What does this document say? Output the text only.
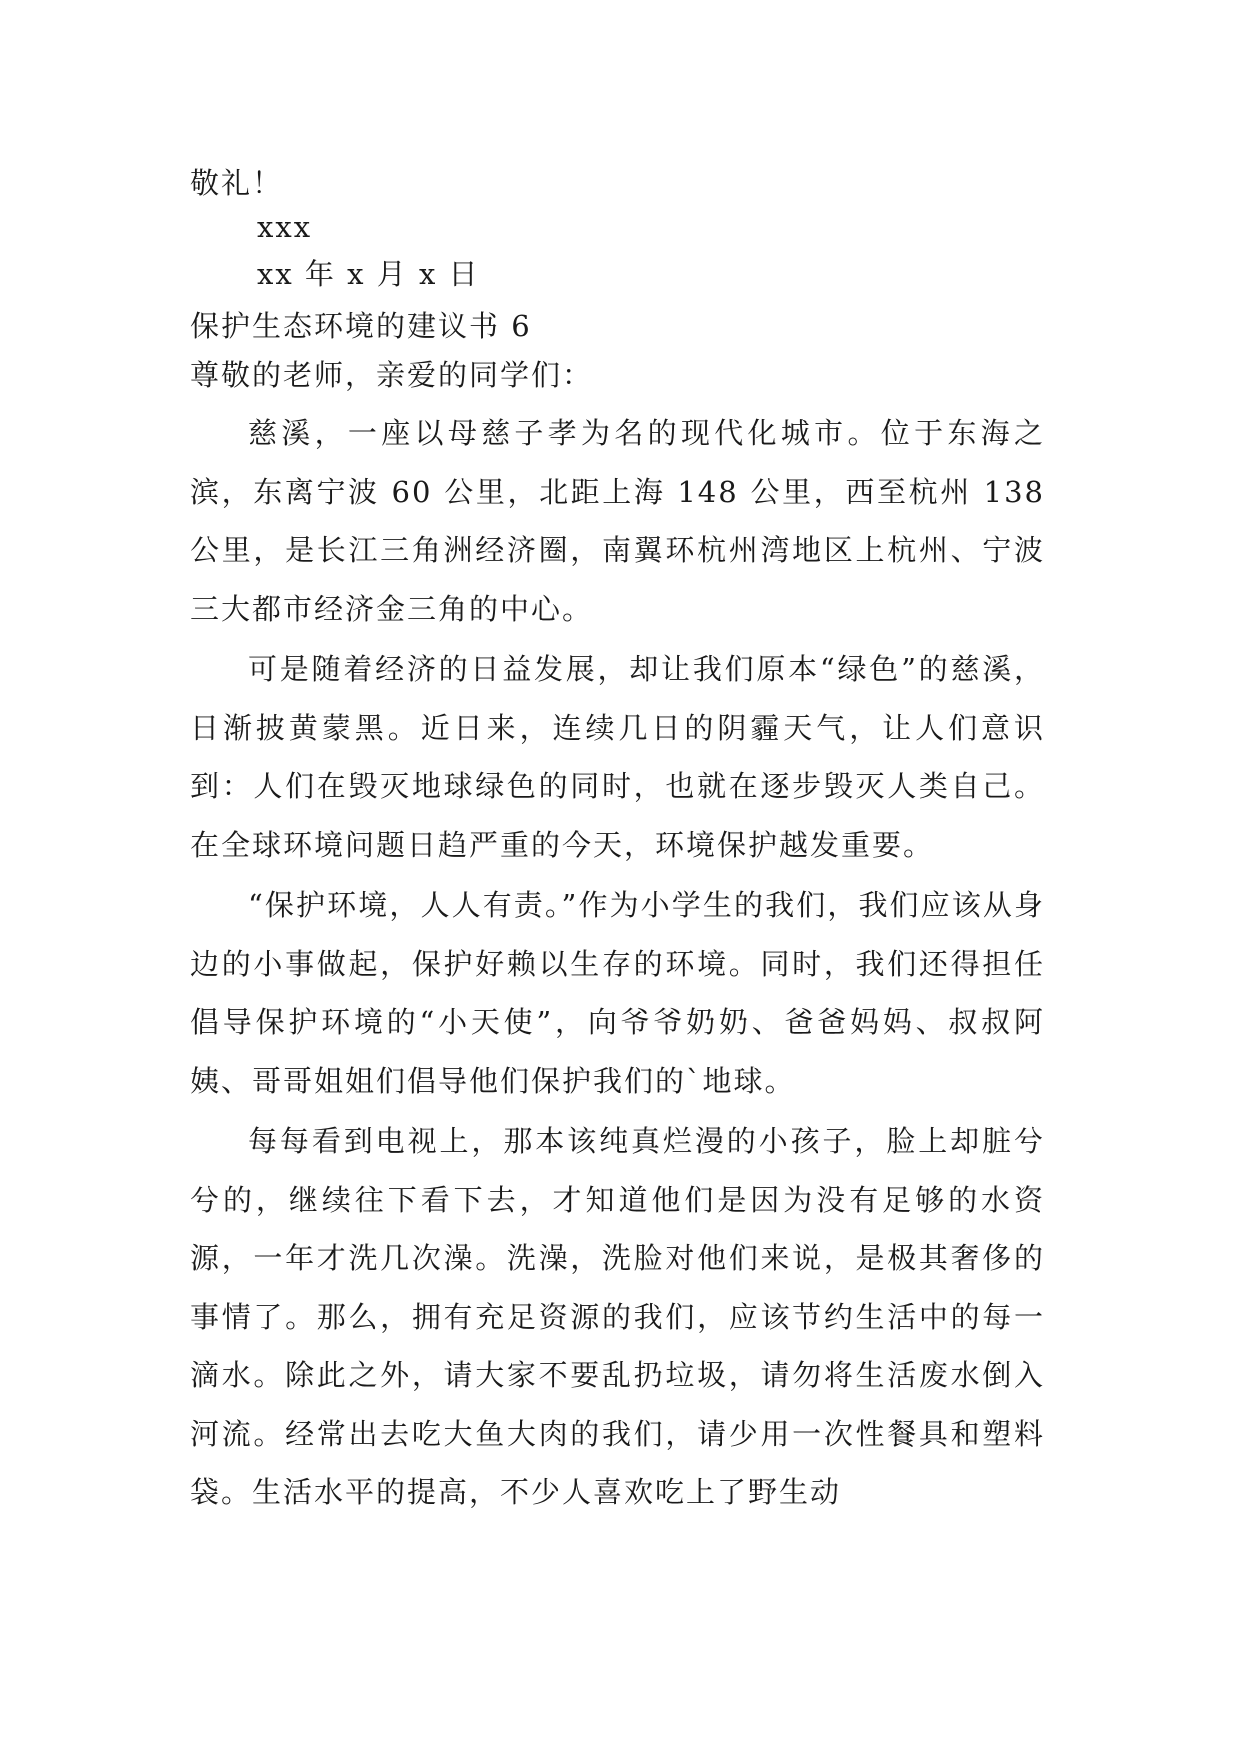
敬礼！
xxx
xx 年 x 月 x 日
保护生态环境的建议书 6
尊敬的老师，亲爱的同学们：

慈溪，一座以母慈子孝为名的现代化城市。位于东海之滨，东离宁波 60 公里，北距上海 148 公里，西至杭州 138 公里，是长江三角洲经济圈，南翼环杭州湾地区上杭州、宁波三大都市经济金三角的中心。

可是随着经济的日益发展，却让我们原本“绿色”的慈溪，日渐披黄蒙黑。近日来，连续几日的阴霾天气，让人们意识到：人们在毁灭地球绿色的同时，也就在逐步毁灭人类自己。在全球环境问题日趋严重的今天，环境保护越发重要。

“保护环境，人人有责。”作为小学生的我们，我们应该从身边的小事做起，保护好赖以生存的环境。同时，我们还得担任倡导保护环境的“小天使”，向爷爷奶奶、爸爸妈妈、叔叔阿姨、哥哥姐姐们倡导他们保护我们的`地球。

每每看到电视上，那本该纯真烂漫的小孩子，脸上却脏兮兮的，继续往下看下去，才知道他们是因为没有足够的水资源，一年才洗几次澡。洗澡，洗脸对他们来说，是极其奢侈的事情了。那么，拥有充足资源的我们，应该节约生活中的每一滴水。除此之外，请大家不要乱扔垃圾，请勿将生活废水倒入河流。经常出去吃大鱼大肉的我们，请少用一次性餐具和塑料袋。生活水平的提高，不少人喜欢吃上了野生动
